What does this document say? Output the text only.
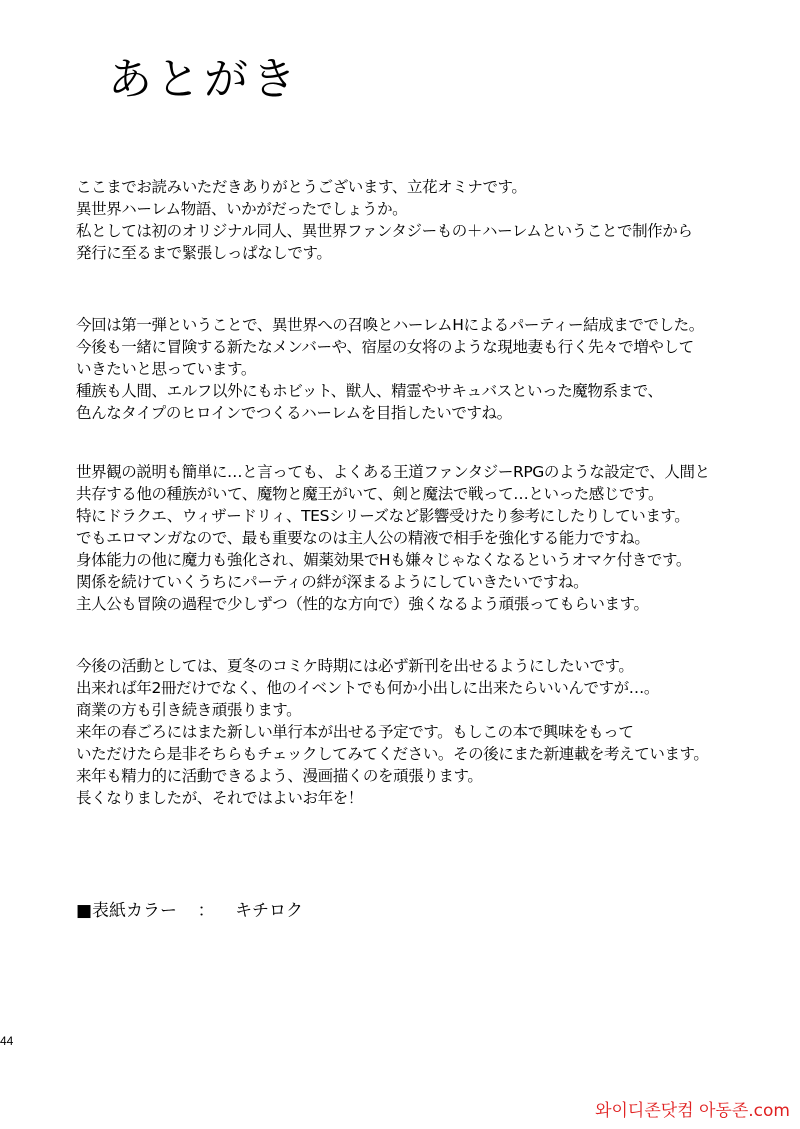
あとがき
ここまでお読みいただきありがとうございます、立花オミナです。
異世界ハーレム物語、いかがだったでしょうか。
私としては初のオリジナル同人、異世界ファンタジーもの＋ハーレムということで制作から
発行に至るまで緊張しっぱなしです。
今回は第一弾ということで、異世界への召喚とハーレムHによるパーティー結成まででした。
今後も一緒に冒険する新たなメンバーや、宿屋の女将のような現地妻も行く先々で増やして
いきたいと思っています。
種族も人間、エルフ以外にもホビット、獣人、精霊やサキュバスといった魔物系まで、
色んなタイプのヒロインでつくるハーレムを目指したいですね。
世界観の説明も簡単に…と言っても、よくある王道ファンタジーRPGのような設定で、人間と
共存する他の種族がいて、魔物と魔王がいて、剣と魔法で戦って…といった感じです。
特にドラクエ、ウィザードリィ、TESシリーズなど影響受けたり参考にしたりしています。
でもエロマンガなので、最も重要なのは主人公の精液で相手を強化する能力ですね。
身体能力の他に魔力も強化され、媚薬効果でHも嫌々じゃなくなるというオマケ付きです。
関係を続けていくうちにパーティの絆が深まるようにしていきたいですね。
主人公も冒険の過程で少しずつ（性的な方向で）強くなるよう頑張ってもらいます。
今後の活動としては、夏冬のコミケ時期には必ず新刊を出せるようにしたいです。
出来れば年2冊だけでなく、他のイベントでも何か小出しに出来たらいいんですが…。
商業の方も引き続き頑張ります。
来年の春ごろにはまた新しい単行本が出せる予定です。もしこの本で興味をもって
いただけたら是非そちらもチェックしてみてください。その後にまた新連載を考えています。
来年も精力的に活動できるよう、漫画描くのを頑張ります。
長くなりましたが、それではよいお年を！
■表紙カラー ： キチロク
44
와이디존닷컴 아동존.com
